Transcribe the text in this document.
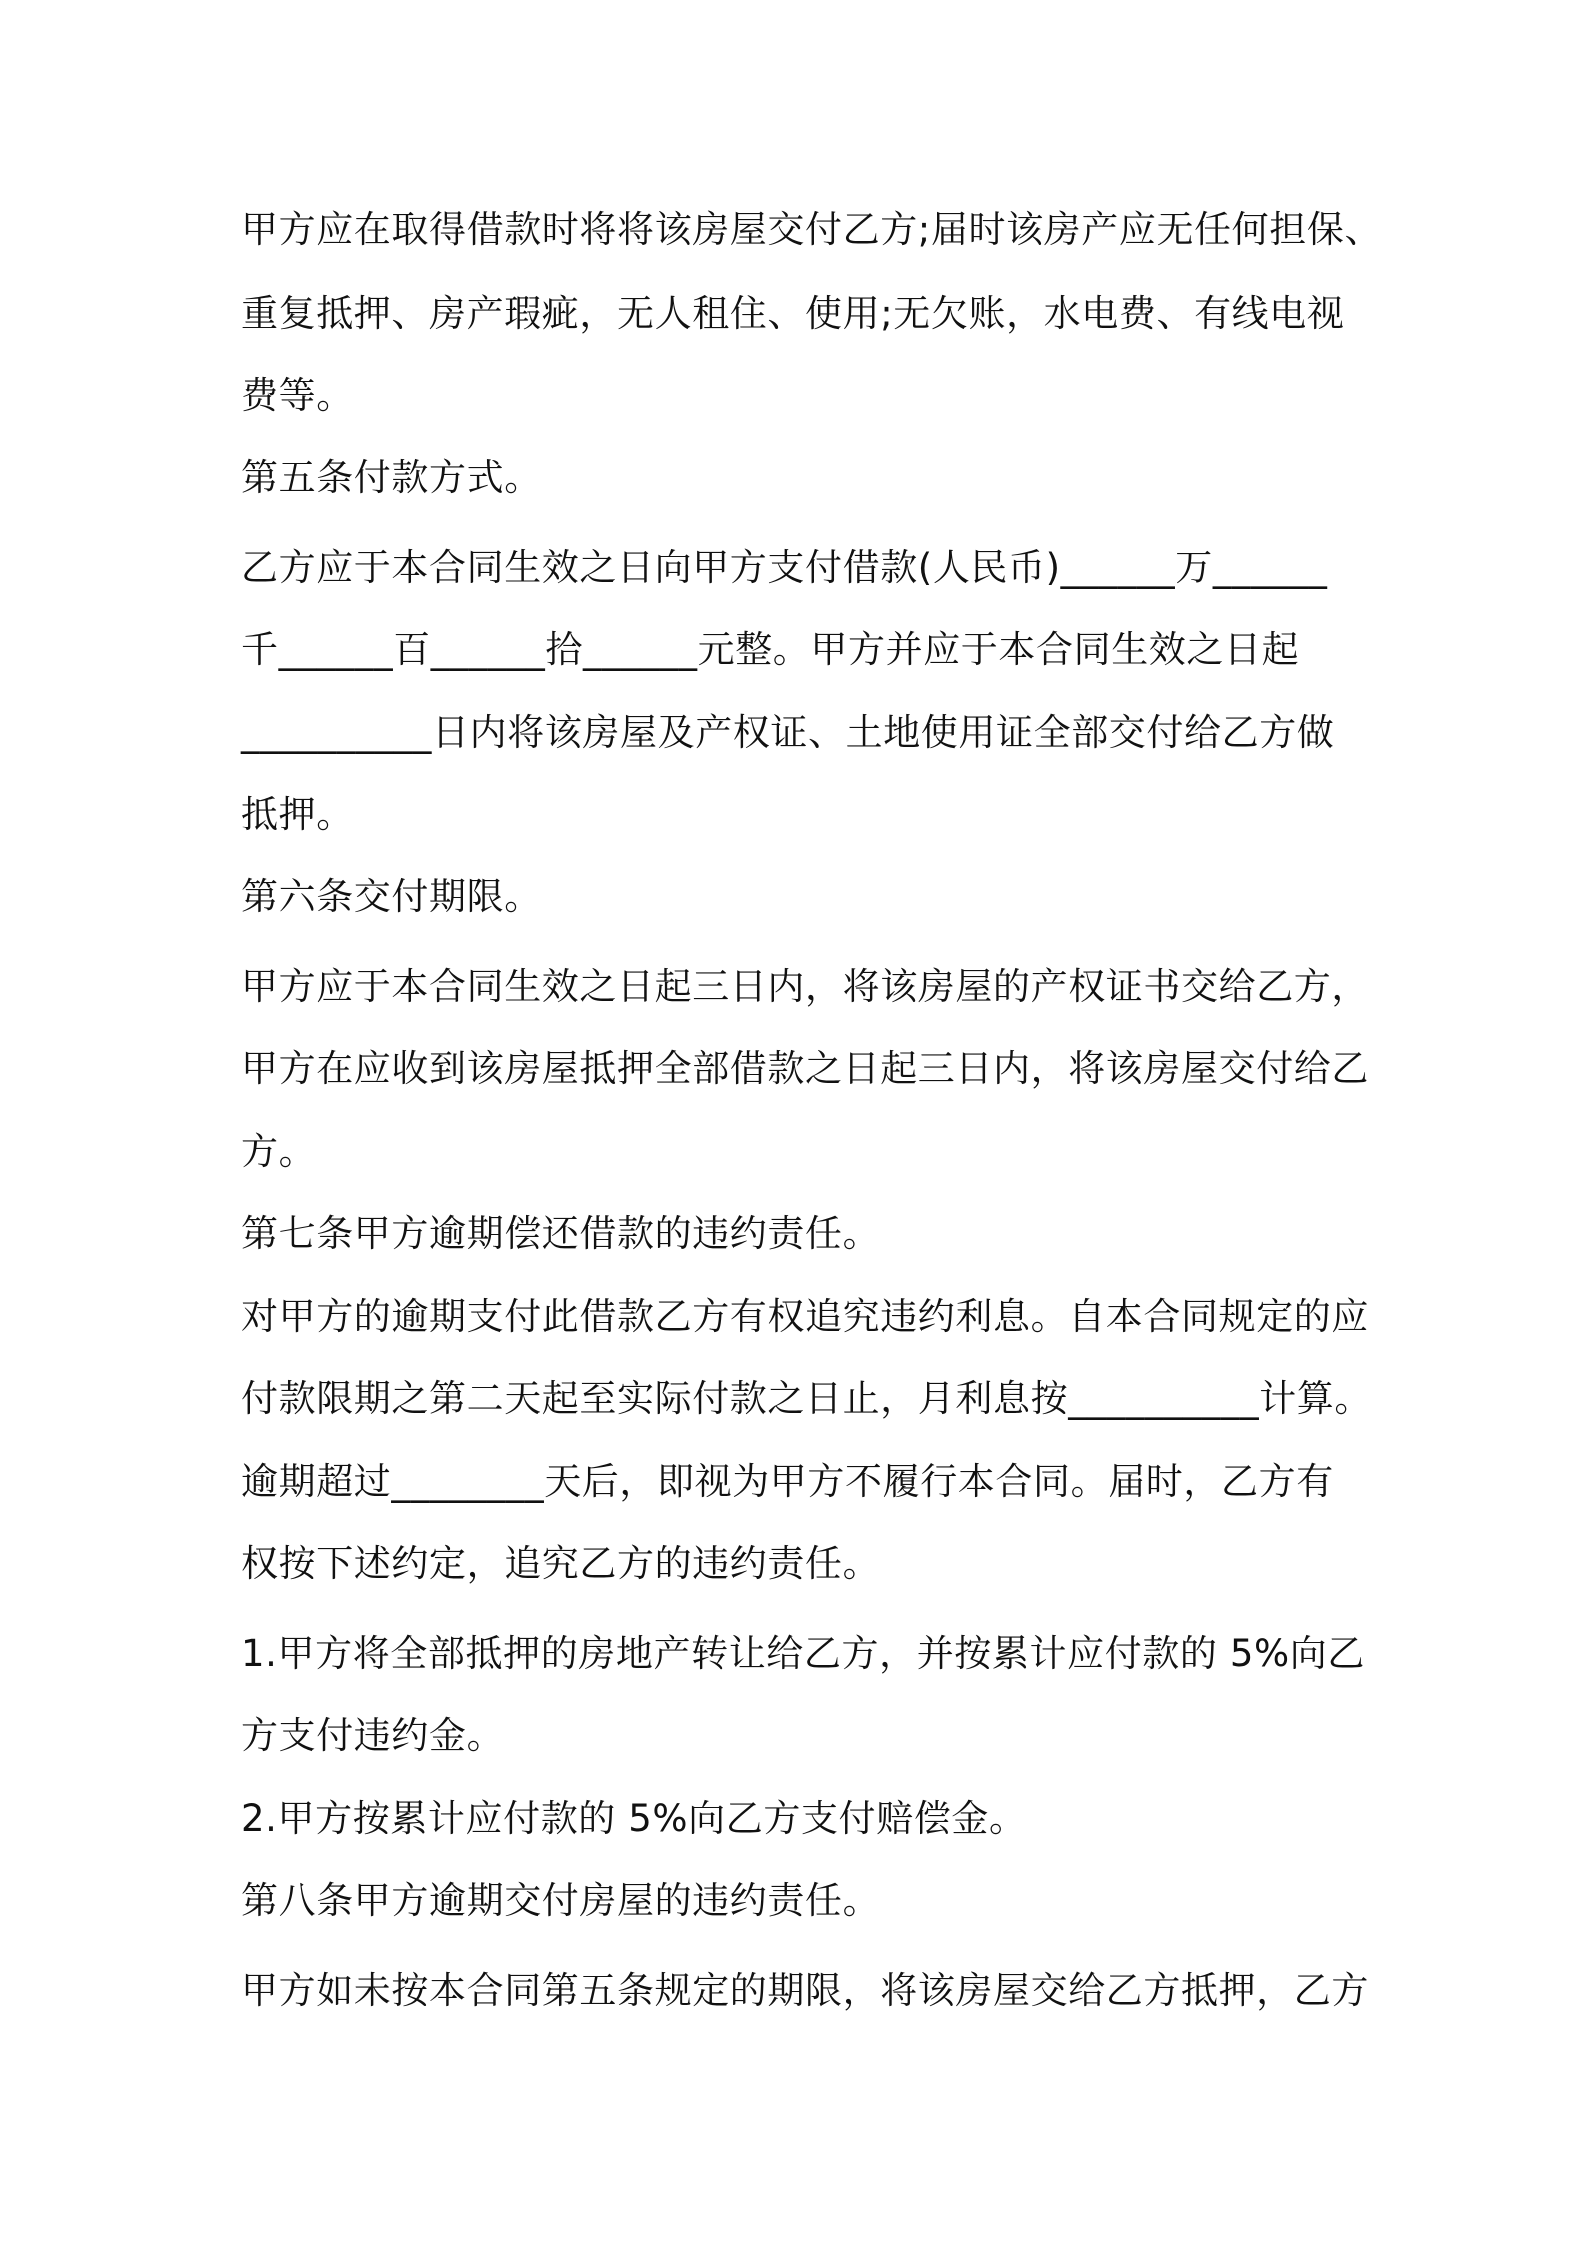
甲方应在取得借款时将将该房屋交付乙方;届时该房产应无任何担保、
重复抵押、房产瑕疵，无人租住、使用;无欠账，水电费、有线电视
费等。
第五条付款方式。
乙方应于本合同生效之日向甲方支付借款(人民币)______万______
千______百______拾______元整。甲方并应于本合同生效之日起
__________日内将该房屋及产权证、土地使用证全部交付给乙方做
抵押。
第六条交付期限。
甲方应于本合同生效之日起三日内，将该房屋的产权证书交给乙方，
甲方在应收到该房屋抵押全部借款之日起三日内，将该房屋交付给乙
方。
第七条甲方逾期偿还借款的违约责任。
对甲方的逾期支付此借款乙方有权追究违约利息。自本合同规定的应
付款限期之第二天起至实际付款之日止，月利息按__________计算。
逾期超过________天后，即视为甲方不履行本合同。届时，乙方有
权按下述约定，追究乙方的违约责任。
1.甲方将全部抵押的房地产转让给乙方，并按累计应付款的 5%向乙
方支付违约金。
2.甲方按累计应付款的 5%向乙方支付赔偿金。
第八条甲方逾期交付房屋的违约责任。
甲方如未按本合同第五条规定的期限，将该房屋交给乙方抵押，乙方
